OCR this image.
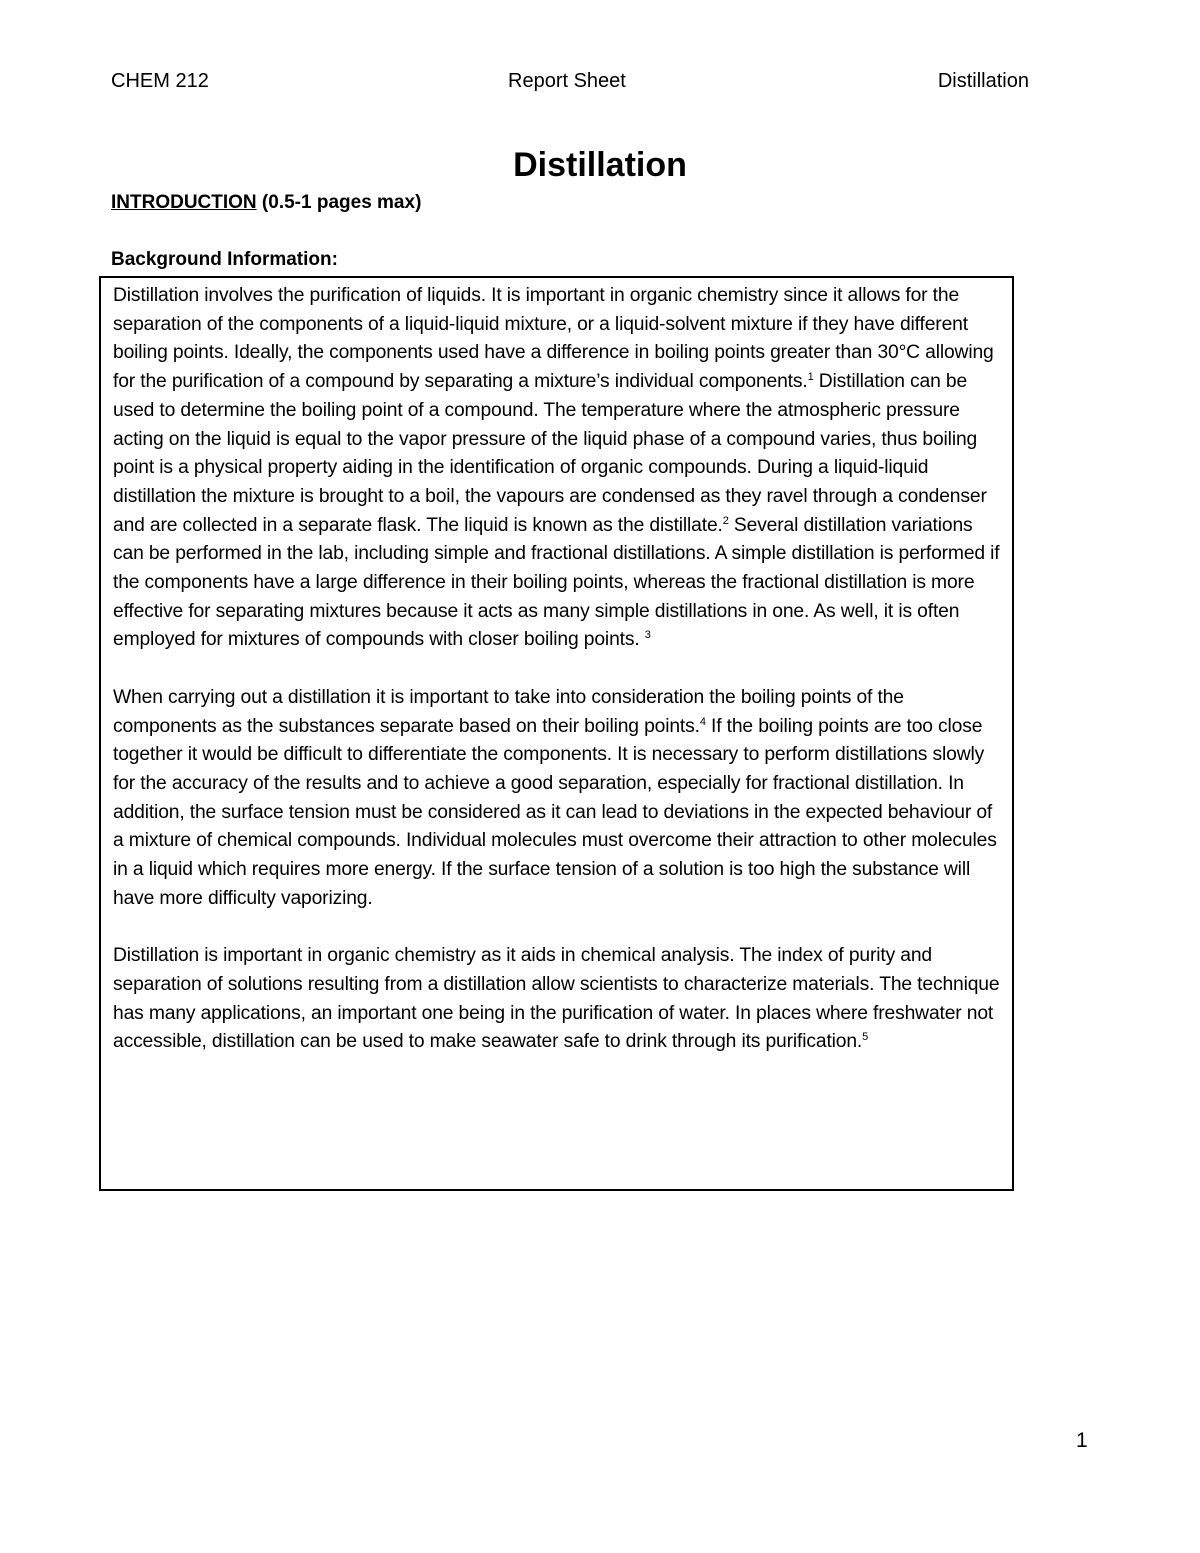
CHEM 212	Report Sheet	Distillation
Distillation
INTRODUCTION (0.5-1 pages max)
Background Information:

Distillation involves the purification of liquids. It is important in organic chemistry since it allows for the separation of the components of a liquid-liquid mixture, or a liquid-solvent mixture if they have different boiling points. Ideally, the components used have a difference in boiling points greater than 30°C allowing for the purification of a compound by separating a mixture’s individual components.$^1$ Distillation can be used to determine the boiling point of a compound. The temperature where the atmospheric pressure acting on the liquid is equal to the vapor pressure of the liquid phase of a compound varies, thus boiling point is a physical property aiding in the identification of organic compounds. During a liquid-liquid distillation the mixture is brought to a boil, the vapours are condensed as they ravel through a condenser and are collected in a separate flask. The liquid is known as the distillate.$^2$ Several distillation variations can be performed in the lab, including simple and fractional distillations. A simple distillation is performed if the components have a large difference in their boiling points, whereas the fractional distillation is more effective for separating mixtures because it acts as many simple distillations in one. As well, it is often employed for mixtures of compounds with closer boiling points. $^3$

When carrying out a distillation it is important to take into consideration the boiling points of the components as the substances separate based on their boiling points.$^4$ If the boiling points are too close together it would be difficult to differentiate the components. It is necessary to perform distillations slowly for the accuracy of the results and to achieve a good separation, especially for fractional distillation. In addition, the surface tension must be considered as it can lead to deviations in the expected behaviour of a mixture of chemical compounds. Individual molecules must overcome their attraction to other molecules in a liquid which requires more energy. If the surface tension of a solution is too high the substance will have more difficulty vaporizing.

Distillation is important in organic chemistry as it aids in chemical analysis. The index of purity and separation of solutions resulting from a distillation allow scientists to characterize materials. The technique has many applications, an important one being in the purification of water. In places where freshwater not accessible, distillation can be used to make seawater safe to drink through its purification.$^5$

1
